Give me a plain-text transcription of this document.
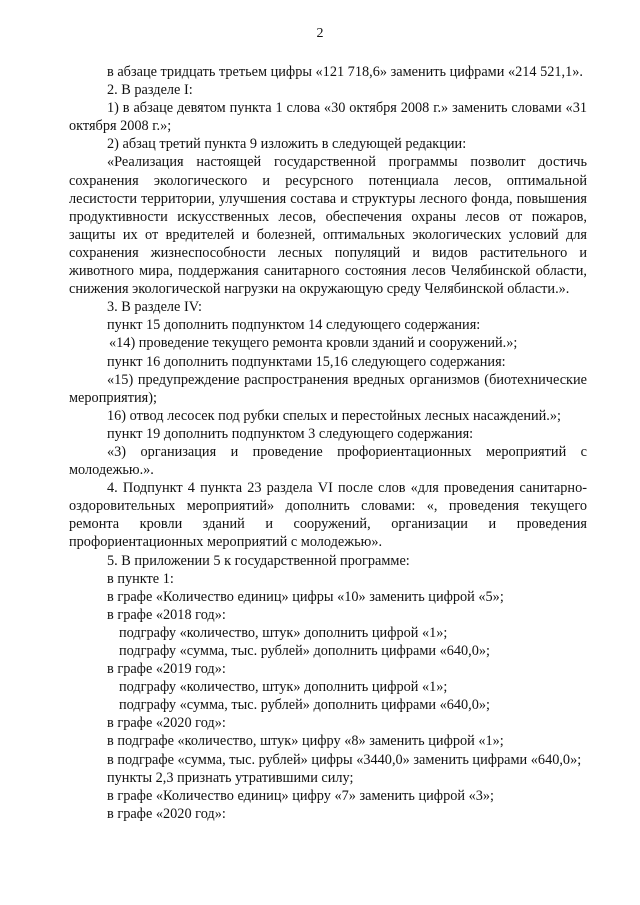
2

в абзаце тридцать третьем цифры «121 718,6» заменить цифрами «214 521,1».

2. В разделе I:

1) в абзаце девятом пункта 1 слова «30 октября 2008 г.» заменить словами «31 октября 2008 г.»;

2) абзац третий пункта 9 изложить в следующей редакции:

«Реализация настоящей государственной программы позволит достичь сохранения экологического и ресурсного потенциала лесов, оптимальной лесистости территории, улучшения состава и структуры лесного фонда, повышения продуктивности искусственных лесов, обеспечения охраны лесов от пожаров, защиты их от вредителей и болезней, оптимальных экологических условий для сохранения жизнеспособности лесных популяций и видов растительного и животного мира, поддержания санитарного состояния лесов Челябинской области, снижения экологической нагрузки на окружающую среду Челябинской области.».

3. В разделе IV:

пункт 15 дополнить подпунктом 14 следующего содержания:

«14) проведение текущего ремонта кровли зданий и сооружений.»;

пункт 16 дополнить подпунктами 15,16 следующего содержания:

«15) предупреждение распространения вредных организмов (биотехнические мероприятия);

16) отвод лесосек под рубки спелых и перестойных лесных насаждений.»;

пункт 19 дополнить подпунктом 3 следующего содержания:

«3) организация и проведение профориентационных мероприятий с молодежью.».

4. Подпункт 4 пункта 23 раздела VI после слов «для проведения санитарно-оздоровительных мероприятий» дополнить словами: «, проведения текущего ремонта кровли зданий и сооружений, организации и проведения профориентационных мероприятий с молодежью».

5. В приложении 5 к государственной программе:

в пункте 1:

в графе «Количество единиц» цифры «10» заменить цифрой «5»;

в графе «2018 год»:

подграфу «количество, штук» дополнить цифрой «1»;

подграфу «сумма, тыс. рублей» дополнить цифрами «640,0»;

в графе «2019 год»:

подграфу «количество, штук» дополнить цифрой «1»;

подграфу «сумма, тыс. рублей» дополнить цифрами «640,0»;

в графе «2020 год»:

в подграфе «количество, штук» цифру «8» заменить цифрой «1»;

в подграфе «сумма, тыс. рублей» цифры «3440,0» заменить цифрами «640,0»;

пункты 2,3 признать утратившими силу;

в графе «Количество единиц» цифру «7» заменить цифрой «3»;

в графе «2020 год»:
